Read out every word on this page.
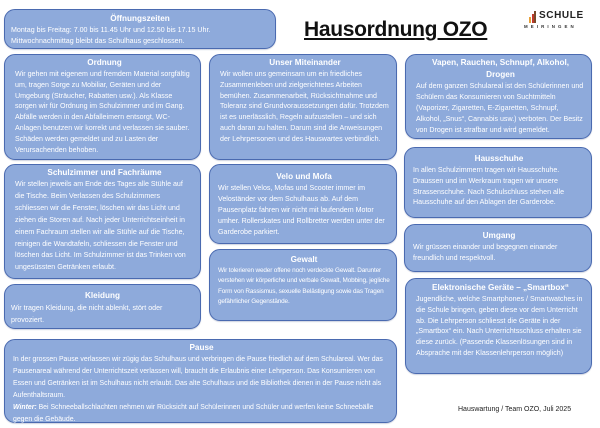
Hausordnung OZO
SCHULE
MEIRINGEN
Öffnungszeiten
Montag bis Freitag: 7.00 bis 11.45 Uhr und 12.50 bis 17.15 Uhr. Mittwochnachmittag bleibt das Schulhaus geschlossen.
Ordnung
Wir gehen mit eigenem und fremdem Material sorgfältig um, tragen Sorge zu Mobiliar, Geräten und der Umgebung (Sträucher, Rabatten usw.). Als Klasse sorgen wir für Ordnung im Schulzimmer und im Gang. Abfälle werden in den Abfalleimern entsorgt, WC-Anlagen benutzen wir korrekt und verlassen sie sauber. Schäden werden gemeldet und zu Lasten der Verursachenden behoben.
Unser Miteinander
Wir wollen uns gemeinsam um ein friedliches Zusammenleben und zielgerichtetes Arbeiten bemühen. Zusammenarbeit, Rücksichtnahme und Toleranz sind Grundvoraussetzungen dafür. Trotzdem ist es unerlässlich, Regeln aufzustellen – und sich auch daran zu halten. Darum sind die Anweisungen der Lehrpersonen und des Hauswartes verbindlich.
Vapen, Rauchen, Schnupf, Alkohol, Drogen
Auf dem ganzen Schulareal ist den Schülerinnen und Schülern das Konsumieren von Suchtmitteln (Vaporizer, Zigaretten, E-Zigaretten, Schnupf, Alkohol, „Snus“, Cannabis usw.) verboten. Der Besitz von Drogen ist strafbar und wird gemeldet.
Schulzimmer und Fachräume
Wir stellen jeweils am Ende des Tages alle Stühle auf die Tische. Beim Verlassen des Schulzimmers schliessen wir die Fenster, löschen wir das Licht und ziehen die Storen auf. Nach jeder Unterrichtseinheit in einem Fachraum stellen wir alle Stühle auf die Tische, reinigen die Wandtafeln, schliessen die Fenster und löschen das Licht. Im Schulzimmer ist das Trinken von ungesüssten Getränken erlaubt.
Velo und Mofa
Wir stellen Velos, Mofas und Scooter immer im Veloständer vor dem Schulhaus ab. Auf dem Pausenplatz fahren wir nicht mit laufendem Motor umher. Rollerskates und Rollbretter werden unter der Garderobe parkiert.
Hausschuhe
In allen Schulzimmern tragen wir Hausschuhe. Draussen und im Werkraum tragen wir unsere Strassenschuhe. Nach Schulschluss stehen alle Hausschuhe auf den Ablagen der Garderobe.
Umgang
Wir grüssen einander und begegnen einander freundlich und respektvoll.
Gewalt
Wir tolerieren weder offene noch verdeckte Gewalt. Darunter verstehen wir körperliche und verbale Gewalt, Mobbing, jegliche Form von Rassismus, sexuelle Belästigung sowie das Tragen gefährlicher Gegenstände.
Kleidung
Wir tragen Kleidung, die nicht ablenkt, stört oder provoziert.
Elektronische Geräte – „Smartbox“
Jugendliche, welche Smartphones / Smartwatches in die Schule bringen, geben diese vor dem Unterricht ab. Die Lehrperson schliesst die Geräte in der „Smartbox“ ein. Nach Unterrichtsschluss erhalten sie diese zurück. (Passende Klassenlösungen sind in Absprache mit der Klassenlehrperson möglich)
Pause
In der grossen Pause verlassen wir zügig das Schulhaus und verbringen die Pause friedlich auf dem Schulareal. Wer das Pausenareal während der Unterrichtszeit verlassen will, braucht die Erlaubnis einer Lehrperson. Das Konsumieren von Essen und Getränken ist im Schulhaus nicht erlaubt. Das alte Schulhaus und die Bibliothek dienen in der Pause nicht als Aufenthaltsraum.
Winter: Bei Schneeballschlachten nehmen wir Rücksicht auf Schülerinnen und Schüler und werfen keine Schneebälle gegen die Gebäude.
Hauswartung / Team OZO, Juli 2025
